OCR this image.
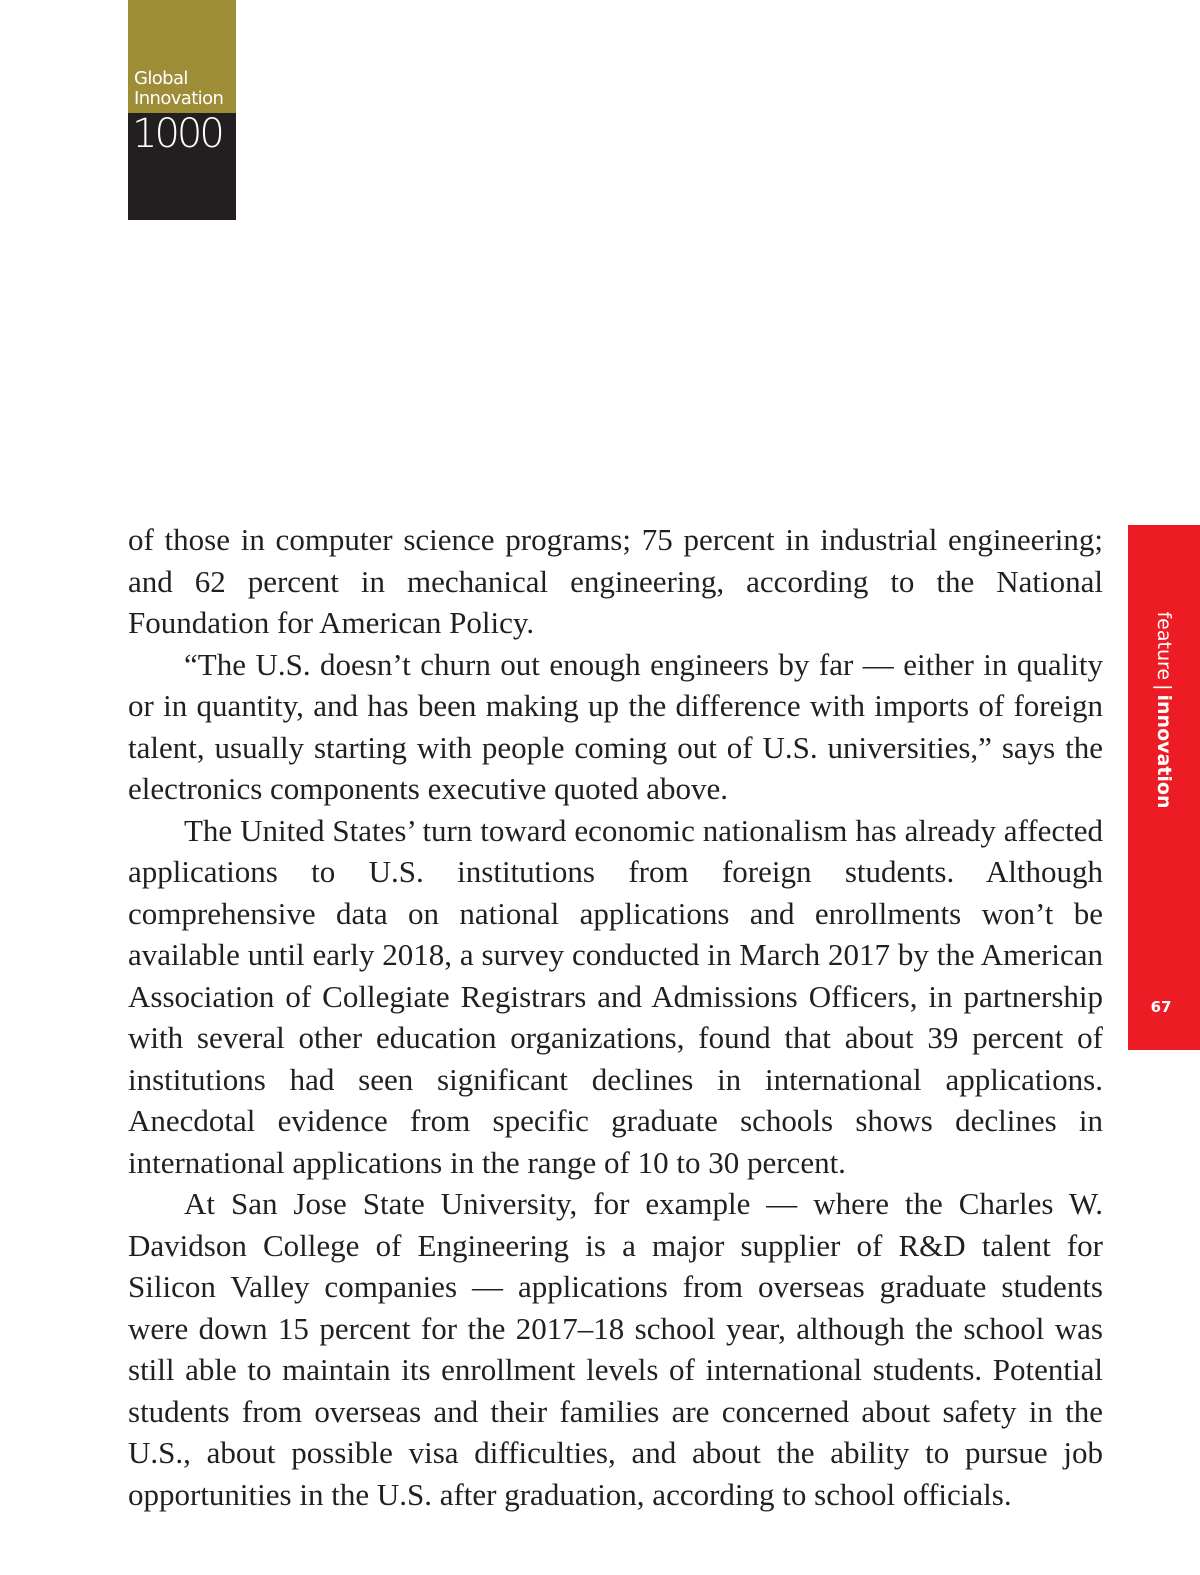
Global
Innovation
1000
feature|innovation
67

of those in computer science programs; 75 percent in industrial engineering; and 62 percent in mechanical engineering, according to the National Foundation for American Policy.

“The U.S. doesn’t churn out enough engineers by far — either in quality or in quantity, and has been making up the difference with imports of foreign talent, usually starting with people coming out of U.S. universities,” says the electronics components executive quoted above.

The United States’ turn toward economic nationalism has already affected applications to U.S. institutions from foreign students. Although comprehensive data on national applications and enrollments won’t be available until early 2018, a survey conducted in March 2017 by the American Association of Collegiate Registrars and Admissions Officers, in partnership with several other education organizations, found that about 39 percent of institutions had seen significant declines in international applications. Anecdotal evidence from specific graduate schools shows declines in international applications in the range of 10 to 30 percent.

At San Jose State University, for example — where the Charles W. Davidson College of Engineering is a major supplier of R&D talent for Silicon Valley companies — applications from overseas graduate students were down 15 percent for the 2017–18 school year, although the school was still able to maintain its enrollment levels of international students. Potential students from overseas and their families are concerned about safety in the U.S., about possible visa difficulties, and about the ability to pursue job opportunities in the U.S. after graduation, according to school officials.
